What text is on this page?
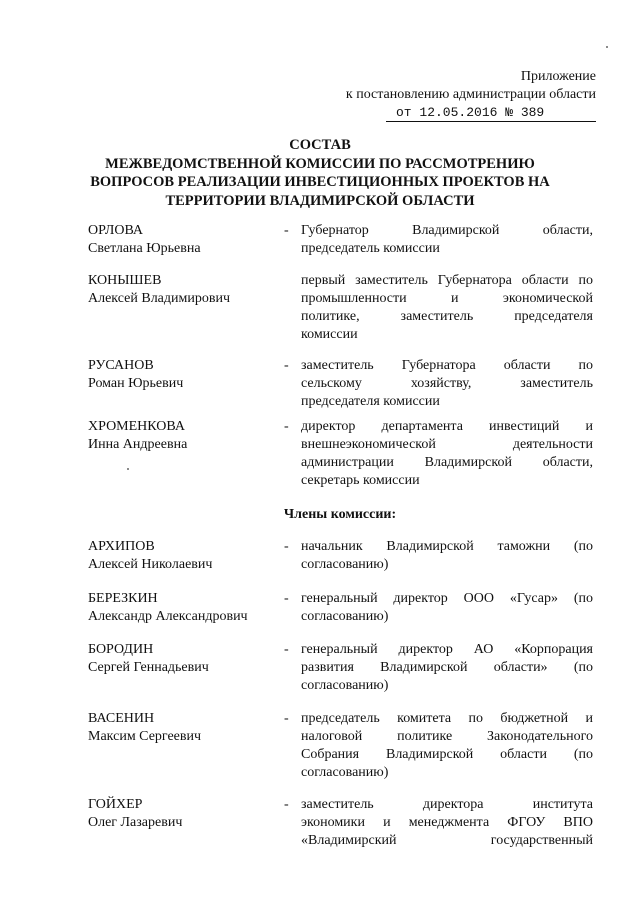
Приложение
к постановлению администрации области
от 12.05.2016 № 389
СОСТАВ
МЕЖВЕДОМСТВЕННОЙ КОМИССИИ ПО РАССМОТРЕНИЮ
ВОПРОСОВ РЕАЛИЗАЦИИ ИНВЕСТИЦИОННЫХ ПРОЕКТОВ НА
ТЕРРИТОРИИ ВЛАДИМИРСКОЙ ОБЛАСТИ
ОРЛОВА
Светлана Юрьевна
- Губернатор Владимирской области,
председатель комиссии
КОНЫШЕВ
Алексей Владимирович
первый заместитель Губернатора области по
промышленности и экономической
политике, заместитель председателя
комиссии
РУСАНОВ
Роман Юрьевич
- заместитель Губернатора области по
сельскому хозяйству, заместитель
председателя комиссии
ХРОМЕНКОВА
Инна Андреевна
- директор департамента инвестиций и
внешнеэкономической деятельности
администрации Владимирской области,
секретарь комиссии
Члены комиссии:
АРХИПОВ
Алексей Николаевич
- начальник Владимирской таможни (по
согласованию)
БЕРЕЗКИН
Александр Александрович
- генеральный директор ООО «Гусар» (по
согласованию)
БОРОДИН
Сергей Геннадьевич
- генеральный директор АО «Корпорация
развития Владимирской области» (по
согласованию)
ВАСЕНИН
Максим Сергеевич
- председатель комитета по бюджетной и
налоговой политике Законодательного
Собрания Владимирской области (по
согласованию)
ГОЙХЕР
Олег Лазаревич
- заместитель директора института
экономики и менеджмента ФГОУ ВПО
«Владимирский государственный
